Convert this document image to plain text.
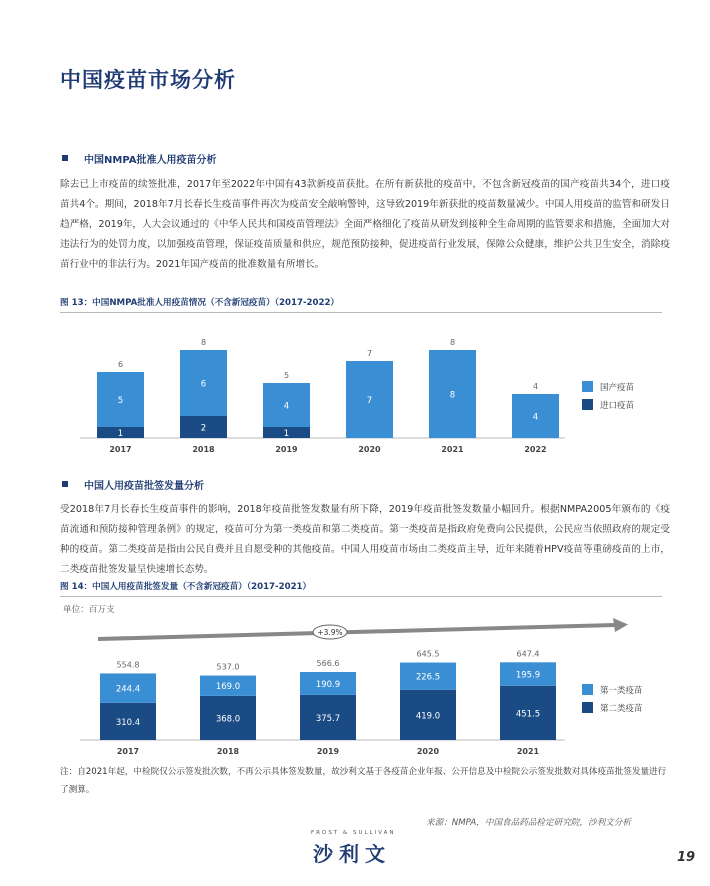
中国疫苗市场分析
中国NMPA批准人用疫苗分析
除去已上市疫苗的续签批准，2017年至2022年中国有43款新疫苗获批。在所有新获批的疫苗中，不包含新冠疫苗的国产疫苗共34个，进口疫苗共4个。期间，2018年7月长春长生疫苗事件再次为疫苗安全敲响警钟，这导致2019年新获批的疫苗数量减少。中国人用疫苗的监管和研发日趋严格，2019年，人大会议通过的《中华人民共和国疫苗管理法》全面严格细化了疫苗从研发到接种全生命周期的监管要求和措施，全面加大对违法行为的处罚力度，以加强疫苗管理，保证疫苗质量和供应，规范预防接种，促进疫苗行业发展，保障公众健康，维护公共卫生安全，消除疫苗行业中的非法行为。2021年国产疫苗的批准数量有所增长。
图 13：中国NMPA批准人用疫苗情况（不含新冠疫苗）（2017-2022）
1
5
6
2017
2
6
8
2018
1
4
5
2019
7
7
2020
8
8
2021
4
4
2022
国产疫苗
进口疫苗
中国人用疫苗批签发量分析
受2018年7月长春长生疫苗事件的影响，2018年疫苗批签发数量有所下降，2019年疫苗批签发数量小幅回升。根据NMPA2005年颁布的《疫苗流通和预防接种管理条例》的规定，疫苗可分为第一类疫苗和第二类疫苗。第一类疫苗是指政府免费向公民提供，公民应当依照政府的规定受种的疫苗。第二类疫苗是指由公民自费并且自愿受种的其他疫苗。中国人用疫苗市场由二类疫苗主导，近年来随着HPV疫苗等重磅疫苗的上市，二类疫苗批签发量呈快速增长态势。
图 14：中国人用疫苗批签发量（不含新冠疫苗）（2017-2021）
单位：百万支
+3.9%
310.4
244.4
554.8
2017
368.0
169.0
537.0
2018
375.7
190.9
566.6
2019
419.0
226.5
645.5
2020
451.5
195.9
647.4
2021
第一类疫苗
第二类疫苗
注：自2021年起，中检院仅公示签发批次数，不再公示具体签发数量，故沙利文基于各疫苗企业年报、公开信息及中检院公示签发批数对具体疫苗批签发量进行了测算。
来源：NMPA，中国食品药品检定研究院，沙利文分析
FROST & SULLIVAN
沙利文	19
